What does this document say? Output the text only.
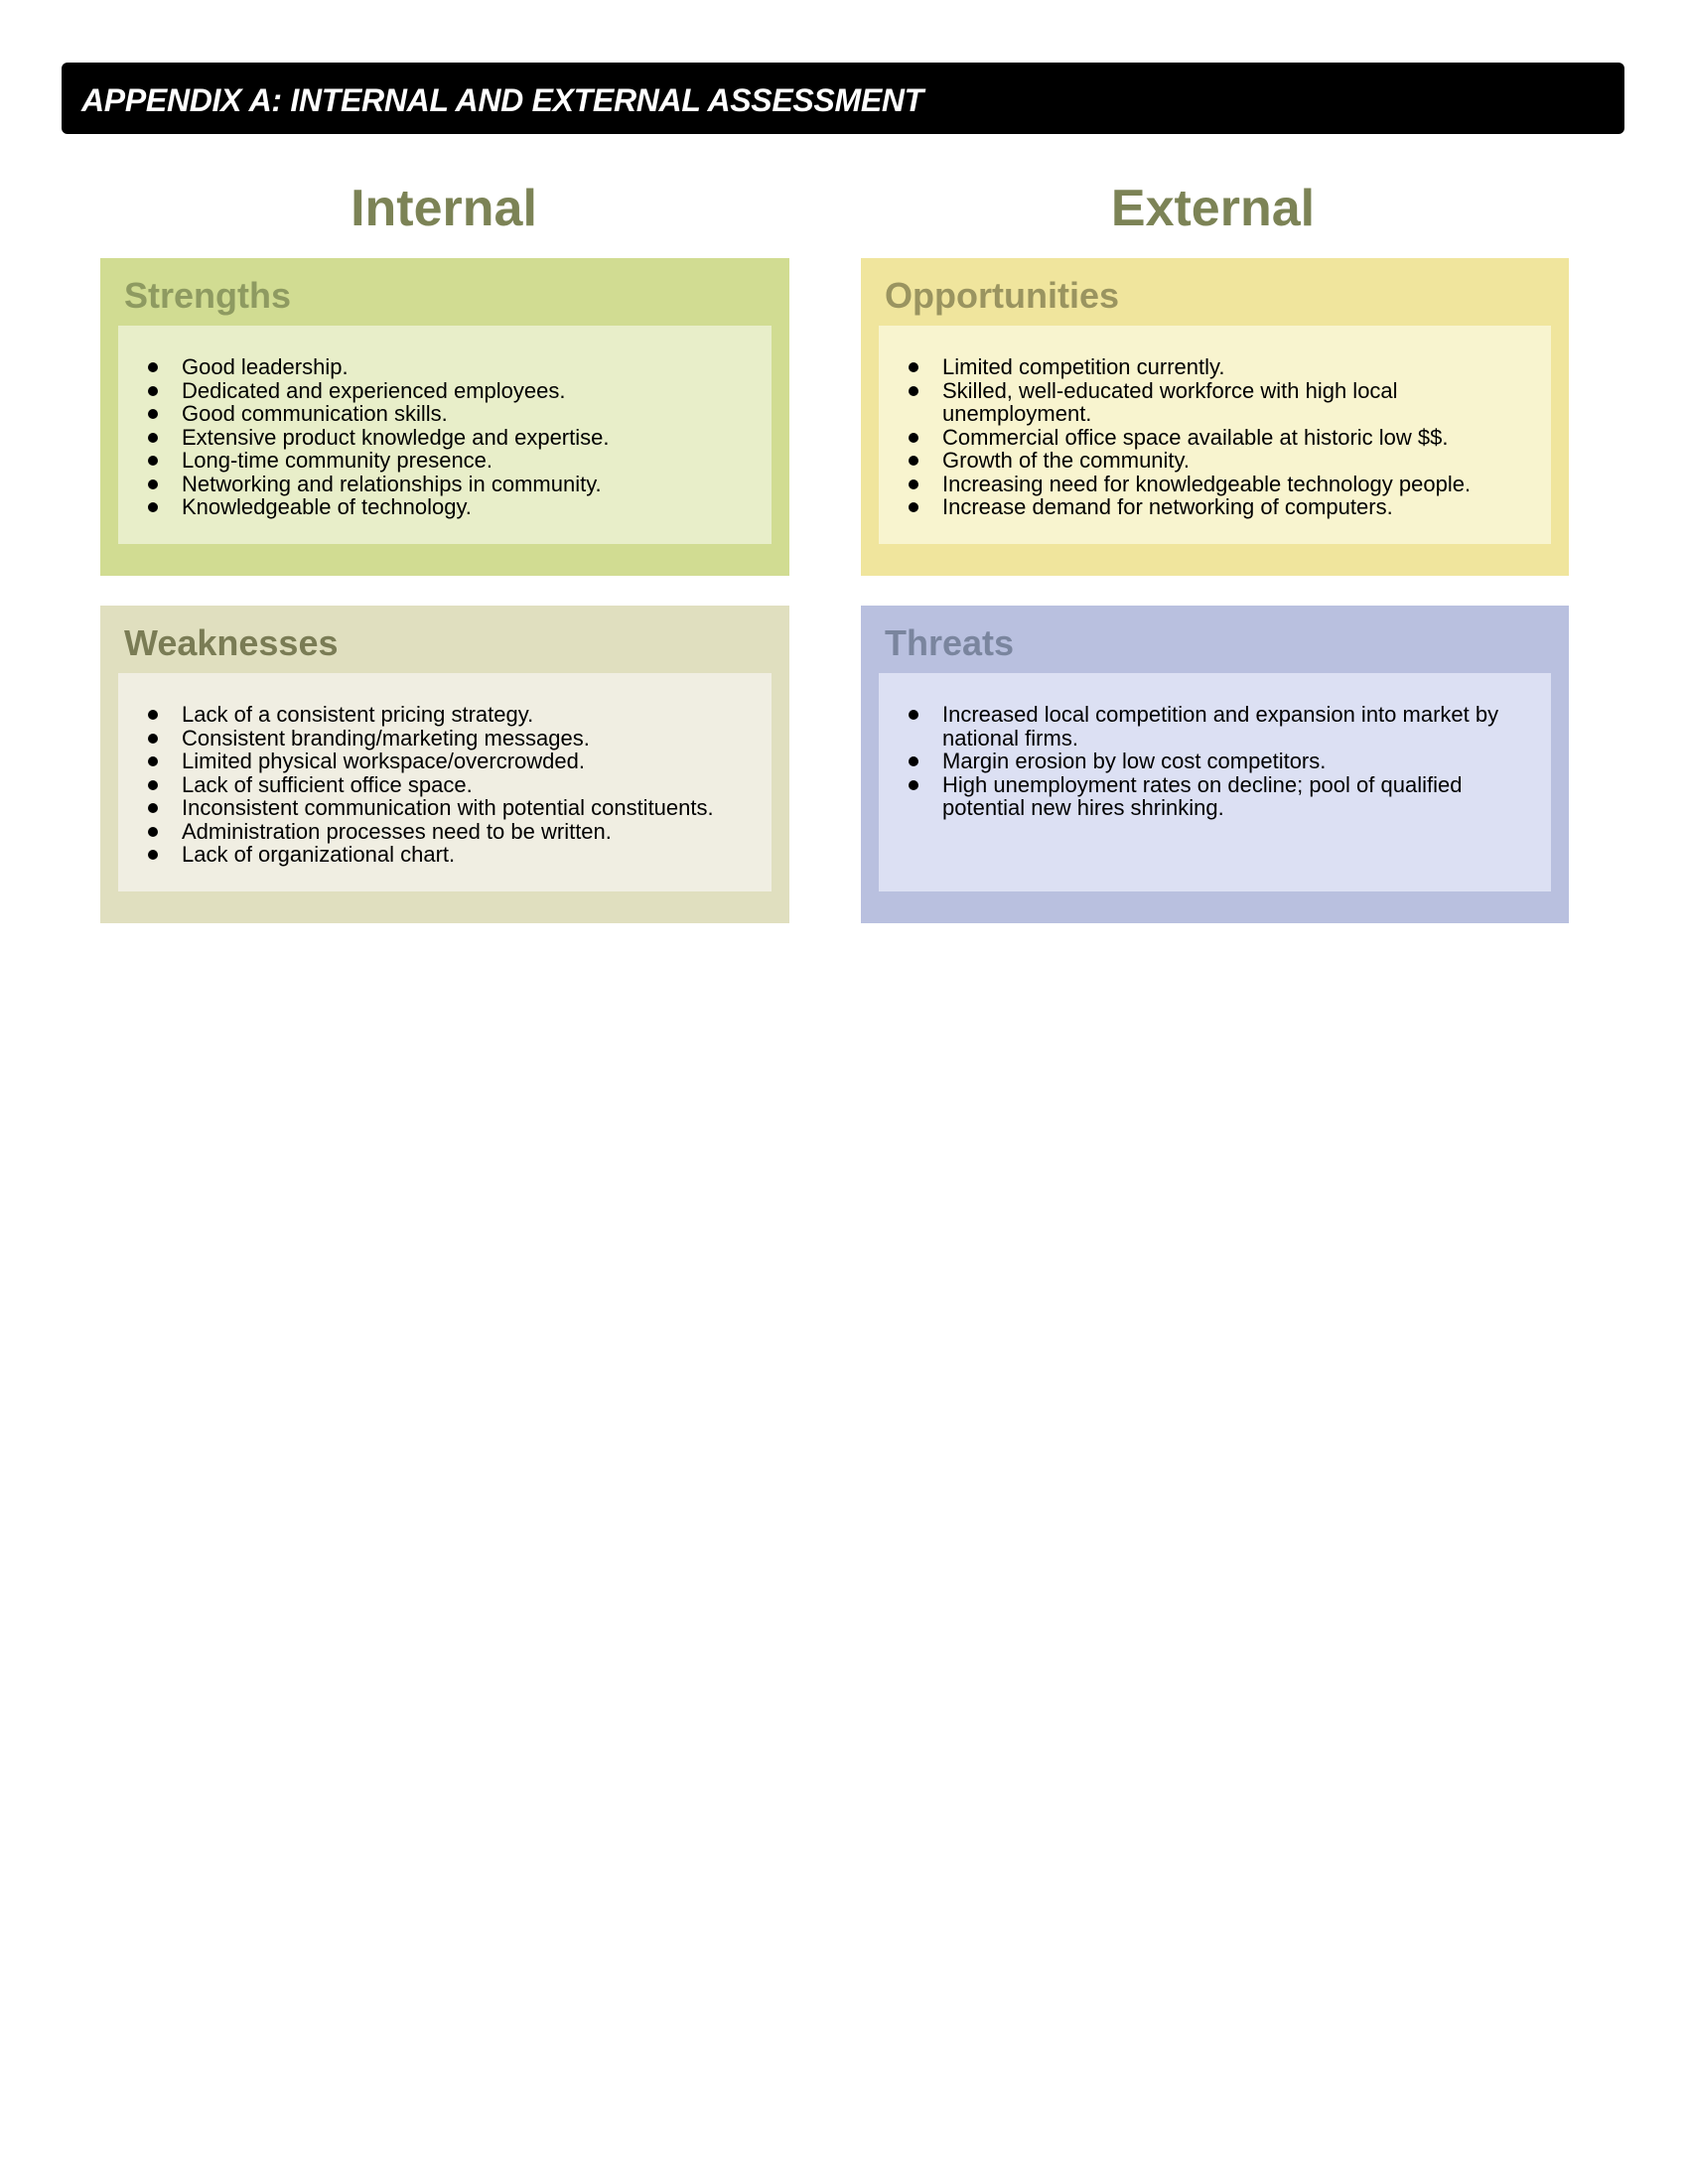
APPENDIX A: INTERNAL AND EXTERNAL ASSESSMENT
Internal	External
Strengths
Good leadership.
Dedicated and experienced employees.
Good communication skills.
Extensive product knowledge and expertise.
Long-time community presence.
Networking and relationships in community.
Knowledgeable of technology.
Opportunities
Limited competition currently.
Skilled, well-educated workforce with high local unemployment.
Commercial office space available at historic low $$.
Growth of the community.
Increasing need for knowledgeable technology people.
Increase demand for networking of computers.
Weaknesses
Lack of a consistent pricing strategy.
Consistent branding/marketing messages.
Limited physical workspace/overcrowded.
Lack of sufficient office space.
Inconsistent communication with potential constituents.
Administration processes need to be written.
Lack of organizational chart.
Threats
Increased local competition and expansion into market by national firms.
Margin erosion by low cost competitors.
High unemployment rates on decline; pool of qualified potential new hires shrinking.
